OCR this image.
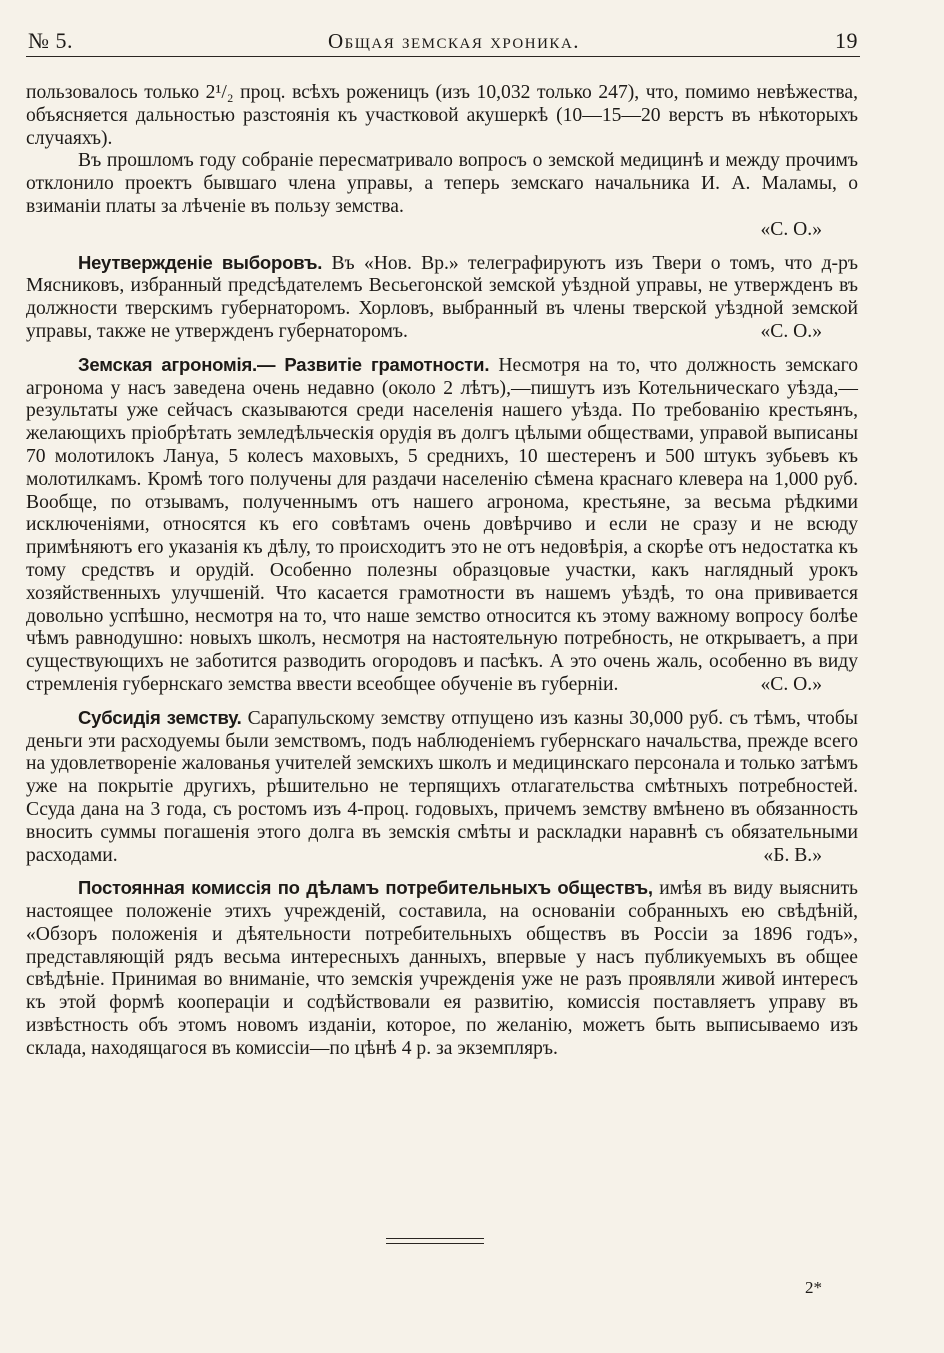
№ 5.	Общая земская хроника.	19

пользовалось только 2¹/₂ проц. всѣхъ роженицъ (изъ 10,032 только 247), что, помимо невѣжества, объясняется дальностью разстоянія къ участковой акушеркѣ (10—15—20 верстъ въ нѣкоторыхъ случаяхъ).

Въ прошломъ году собраніе пересматривало вопросъ о земской медицинѣ и между прочимъ отклонило проектъ бывшаго члена управы, а теперь земскаго начальника И. А. Маламы, о взиманіи платы за лѣченіе въ пользу земства.
«С. О.»

Неутвержденіе выборовъ. Въ «Нов. Вр.» телеграфируютъ изъ Твери о томъ, что д-ръ Мясниковъ, избранный предсѣдателемъ Весьегонской земской уѣздной управы, не утвержденъ въ должности тверскимъ губернаторомъ. Хорловъ, выбранный въ члены тверской уѣздной земской управы, также не утвержденъ губернаторомъ.	«С. О.»

Земская агрономія.— Развитіе грамотности. Несмотря на то, что должность земскаго агронома у насъ заведена очень недавно (около 2 лѣтъ),—пишутъ изъ Котельническаго уѣзда,—результаты уже сейчасъ сказываются среди населенія нашего уѣзда. По требованію крестьянъ, желающихъ пріобрѣтать земледѣльческія орудія въ долгъ цѣлыми обществами, управой выписаны 70 молотилокъ Лануа, 5 колесъ маховыхъ, 5 среднихъ, 10 шестеренъ и 500 штукъ зубьевъ къ молотилкамъ. Кромѣ того получены для раздачи населенію сѣмена краснаго клевера на 1,000 руб. Вообще, по отзывамъ, полученнымъ отъ нашего агронома, крестьяне, за весьма рѣдкими исключеніями, относятся къ его совѣтамъ очень довѣрчиво и если не сразу и не всюду примѣняютъ его указанія къ дѣлу, то происходитъ это не отъ недовѣрія, а скорѣе отъ недостатка къ тому средствъ и орудій. Особенно полезны образцовые участки, какъ наглядный урокъ хозяйственныхъ улучшеній. Что касается грамотности въ нашемъ уѣздѣ, то она прививается довольно успѣшно, несмотря на то, что наше земство относится къ этому важному вопросу болѣе чѣмъ равнодушно: новыхъ школъ, несмотря на настоятельную потребность, не открываетъ, а при существующихъ не заботится разводить огородовъ и пасѣкъ. А это очень жаль, особенно въ виду стремленія губернскаго земства ввести всеобщее обученіе въ губерніи.	«С. О.»

Субсидія земству. Сарапульскому земству отпущено изъ казны 30,000 руб. съ тѣмъ, чтобы деньги эти расходуемы были земствомъ, подъ наблюденіемъ губернскаго начальства, прежде всего на удовлетвореніе жалованья учителей земскихъ школъ и медицинскаго персонала и только затѣмъ уже на покрытіе другихъ, рѣшительно не терпящихъ отлагательства смѣтныхъ потребностей. Ссуда дана на 3 года, съ ростомъ изъ 4-проц. годовыхъ, причемъ земству вмѣнено въ обязанность вносить суммы погашенія этого долга въ земскія смѣты и раскладки наравнѣ съ обязательными расходами.	«Б. В.»

Постоянная комиссія по дѣламъ потребительныхъ обществъ, имѣя въ виду выяснить настоящее положеніе этихъ учрежденій, составила, на основаніи собранныхъ ею свѣдѣній, «Обзоръ положенія и дѣятельности потребительныхъ обществъ въ Россіи за 1896 годъ», представляющій рядъ весьма интересныхъ данныхъ, впервые у насъ публикуемыхъ въ общее свѣдѣніе. Принимая во вниманіе, что земскія учрежденія уже не разъ проявляли живой интересъ къ этой формѣ коопераціи и содѣйствовали ея развитію, комиссія поставляетъ управу въ извѣстность объ этомъ новомъ изданіи, которое, по желанію, можетъ быть выписываемо изъ склада, находящагося въ комиссіи—по цѣнѣ 4 р. за экземпляръ.

2*
